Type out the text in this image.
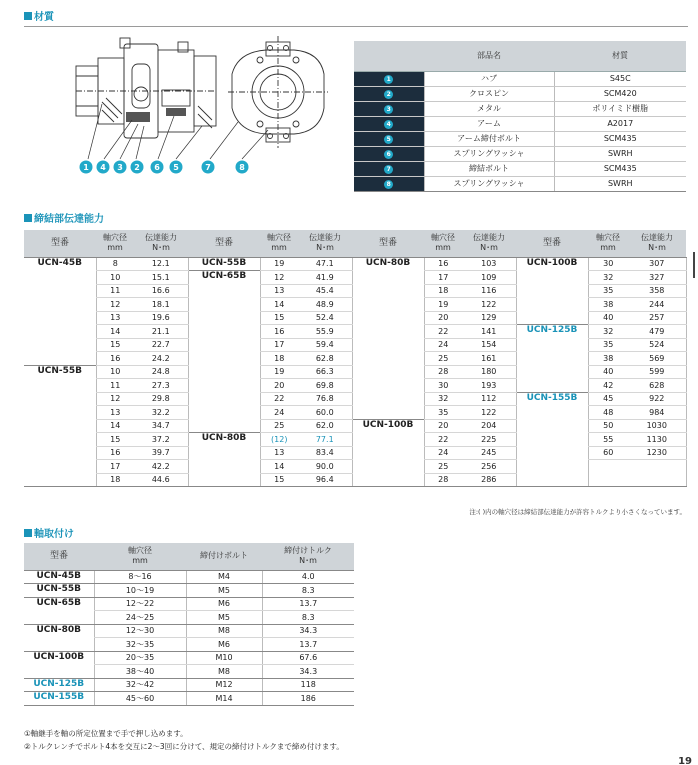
材質
1 4 3 2 6 5	7	8
	部品名	材質
1	ハブ	S45C
2	クロスピン	SCM420
3	メタル	ポリイミド樹脂
4	アーム	A2017
5	アーム締付ボルト	SCM435
6	スプリングワッシャ	SWRH
7	締結ボルト	SCM435
8	スプリングワッシャ	SWRH
締結部伝達能力
型番	軸穴径
mm	伝達能力
N･m	型番	軸穴径
mm	伝達能力
N･m	型番	軸穴径
mm	伝達能力
N･m	型番	軸穴径
mm	伝達能力
N･m
UCN-45B	8	12.1	UCN-55B	19	47.1	UCN-80B	16	103	UCN-100B	30	307
	10	15.1	UCN-65B	12	41.9		17	109		32	327
	11	16.6		13	45.4		18	116		35	358
	12	18.1		14	48.9		19	122		38	244
	13	19.6		15	52.4		20	129		40	257
	14	21.1		16	55.9		22	141	UCN-125B	32	479
	15	22.7		17	59.4		24	154		35	524
	16	24.2		18	62.8		25	161		38	569
UCN-55B	10	24.8		19	66.3		28	180		40	599
	11	27.3		20	69.8		30	193		42	628
	12	29.8		22	76.8		32	112	UCN-155B	45	922
	13	32.2		24	60.0		35	122		48	984
	14	34.7		25	62.0	UCN-100B	20	204		50	1030
	15	37.2	UCN-80B	(12)	77.1		22	225		55	1130
	16	39.7		13	83.4		24	245		60	1230
	17	42.2		14	90.0		25	256			
	18	44.6		15	96.4		28	286			
注:( )内の軸穴径は締結部伝達能力が許容トルクより小さくなっています。
軸取付け
型番	軸穴径
mm	締付けボルト	締付けトルク
N･m
UCN-45B	8～16	M4	4.0
UCN-55B	10～19	M5	8.3
UCN-65B	12～22	M6	13.7
	24～25	M5	8.3
UCN-80B	12～30	M8	34.3
	32～35	M6	13.7
UCN-100B	20～35	M10	67.6
	38～40	M8	34.3
UCN-125B	32～42	M12	118
UCN-155B	45～60	M14	186
①軸継手を軸の所定位置まで手で押し込めます。
②トルクレンチでボルト4本を交互に2～3回に分けて、規定の締付けトルクまで締め付けます。
19
